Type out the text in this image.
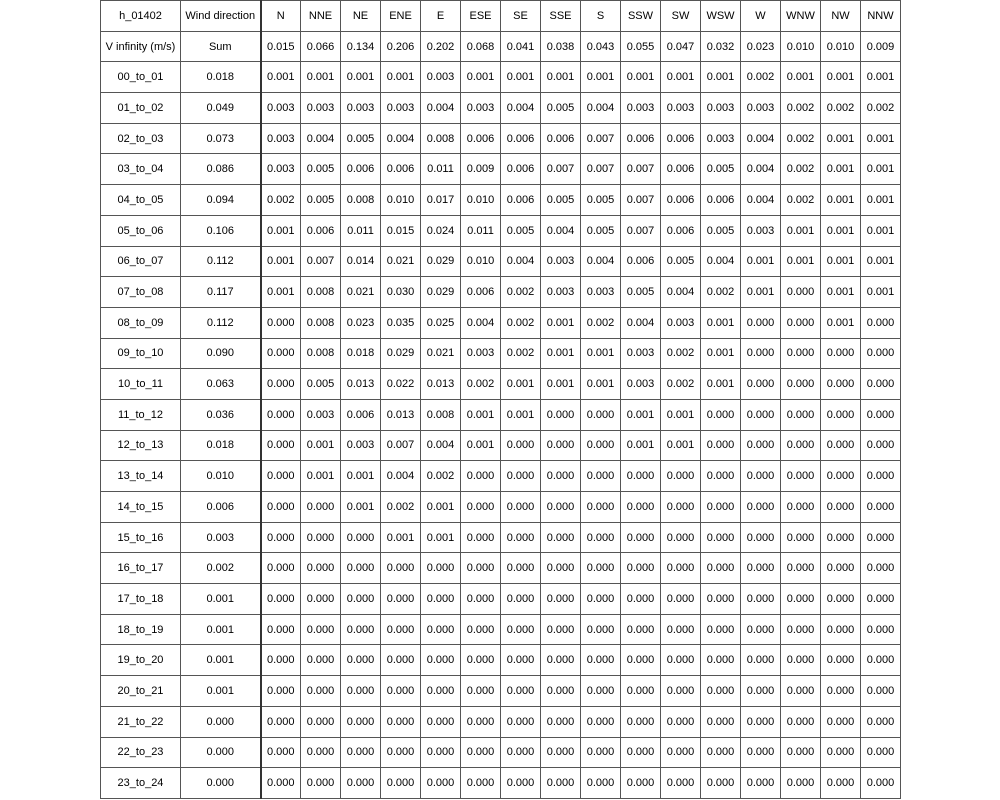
h_01402	Wind direction	N	NNE	NE	ENE	E	ESE	SE	SSE	S	SSW	SW	WSW	W	WNW	NW	NNW
V infinity (m/s)	Sum	0.015	0.066	0.134	0.206	0.202	0.068	0.041	0.038	0.043	0.055	0.047	0.032	0.023	0.010	0.010	0.009
00_to_01	0.018	0.001	0.001	0.001	0.001	0.003	0.001	0.001	0.001	0.001	0.001	0.001	0.001	0.002	0.001	0.001	0.001
01_to_02	0.049	0.003	0.003	0.003	0.003	0.004	0.003	0.004	0.005	0.004	0.003	0.003	0.003	0.003	0.002	0.002	0.002
02_to_03	0.073	0.003	0.004	0.005	0.004	0.008	0.006	0.006	0.006	0.007	0.006	0.006	0.003	0.004	0.002	0.001	0.001
03_to_04	0.086	0.003	0.005	0.006	0.006	0.011	0.009	0.006	0.007	0.007	0.007	0.006	0.005	0.004	0.002	0.001	0.001
04_to_05	0.094	0.002	0.005	0.008	0.010	0.017	0.010	0.006	0.005	0.005	0.007	0.006	0.006	0.004	0.002	0.001	0.001
05_to_06	0.106	0.001	0.006	0.011	0.015	0.024	0.011	0.005	0.004	0.005	0.007	0.006	0.005	0.003	0.001	0.001	0.001
06_to_07	0.112	0.001	0.007	0.014	0.021	0.029	0.010	0.004	0.003	0.004	0.006	0.005	0.004	0.001	0.001	0.001	0.001
07_to_08	0.117	0.001	0.008	0.021	0.030	0.029	0.006	0.002	0.003	0.003	0.005	0.004	0.002	0.001	0.000	0.001	0.001
08_to_09	0.112	0.000	0.008	0.023	0.035	0.025	0.004	0.002	0.001	0.002	0.004	0.003	0.001	0.000	0.000	0.001	0.000
09_to_10	0.090	0.000	0.008	0.018	0.029	0.021	0.003	0.002	0.001	0.001	0.003	0.002	0.001	0.000	0.000	0.000	0.000
10_to_11	0.063	0.000	0.005	0.013	0.022	0.013	0.002	0.001	0.001	0.001	0.003	0.002	0.001	0.000	0.000	0.000	0.000
11_to_12	0.036	0.000	0.003	0.006	0.013	0.008	0.001	0.001	0.000	0.000	0.001	0.001	0.000	0.000	0.000	0.000	0.000
12_to_13	0.018	0.000	0.001	0.003	0.007	0.004	0.001	0.000	0.000	0.000	0.001	0.001	0.000	0.000	0.000	0.000	0.000
13_to_14	0.010	0.000	0.001	0.001	0.004	0.002	0.000	0.000	0.000	0.000	0.000	0.000	0.000	0.000	0.000	0.000	0.000
14_to_15	0.006	0.000	0.000	0.001	0.002	0.001	0.000	0.000	0.000	0.000	0.000	0.000	0.000	0.000	0.000	0.000	0.000
15_to_16	0.003	0.000	0.000	0.000	0.001	0.001	0.000	0.000	0.000	0.000	0.000	0.000	0.000	0.000	0.000	0.000	0.000
16_to_17	0.002	0.000	0.000	0.000	0.000	0.000	0.000	0.000	0.000	0.000	0.000	0.000	0.000	0.000	0.000	0.000	0.000
17_to_18	0.001	0.000	0.000	0.000	0.000	0.000	0.000	0.000	0.000	0.000	0.000	0.000	0.000	0.000	0.000	0.000	0.000
18_to_19	0.001	0.000	0.000	0.000	0.000	0.000	0.000	0.000	0.000	0.000	0.000	0.000	0.000	0.000	0.000	0.000	0.000
19_to_20	0.001	0.000	0.000	0.000	0.000	0.000	0.000	0.000	0.000	0.000	0.000	0.000	0.000	0.000	0.000	0.000	0.000
20_to_21	0.001	0.000	0.000	0.000	0.000	0.000	0.000	0.000	0.000	0.000	0.000	0.000	0.000	0.000	0.000	0.000	0.000
21_to_22	0.000	0.000	0.000	0.000	0.000	0.000	0.000	0.000	0.000	0.000	0.000	0.000	0.000	0.000	0.000	0.000	0.000
22_to_23	0.000	0.000	0.000	0.000	0.000	0.000	0.000	0.000	0.000	0.000	0.000	0.000	0.000	0.000	0.000	0.000	0.000
23_to_24	0.000	0.000	0.000	0.000	0.000	0.000	0.000	0.000	0.000	0.000	0.000	0.000	0.000	0.000	0.000	0.000	0.000
